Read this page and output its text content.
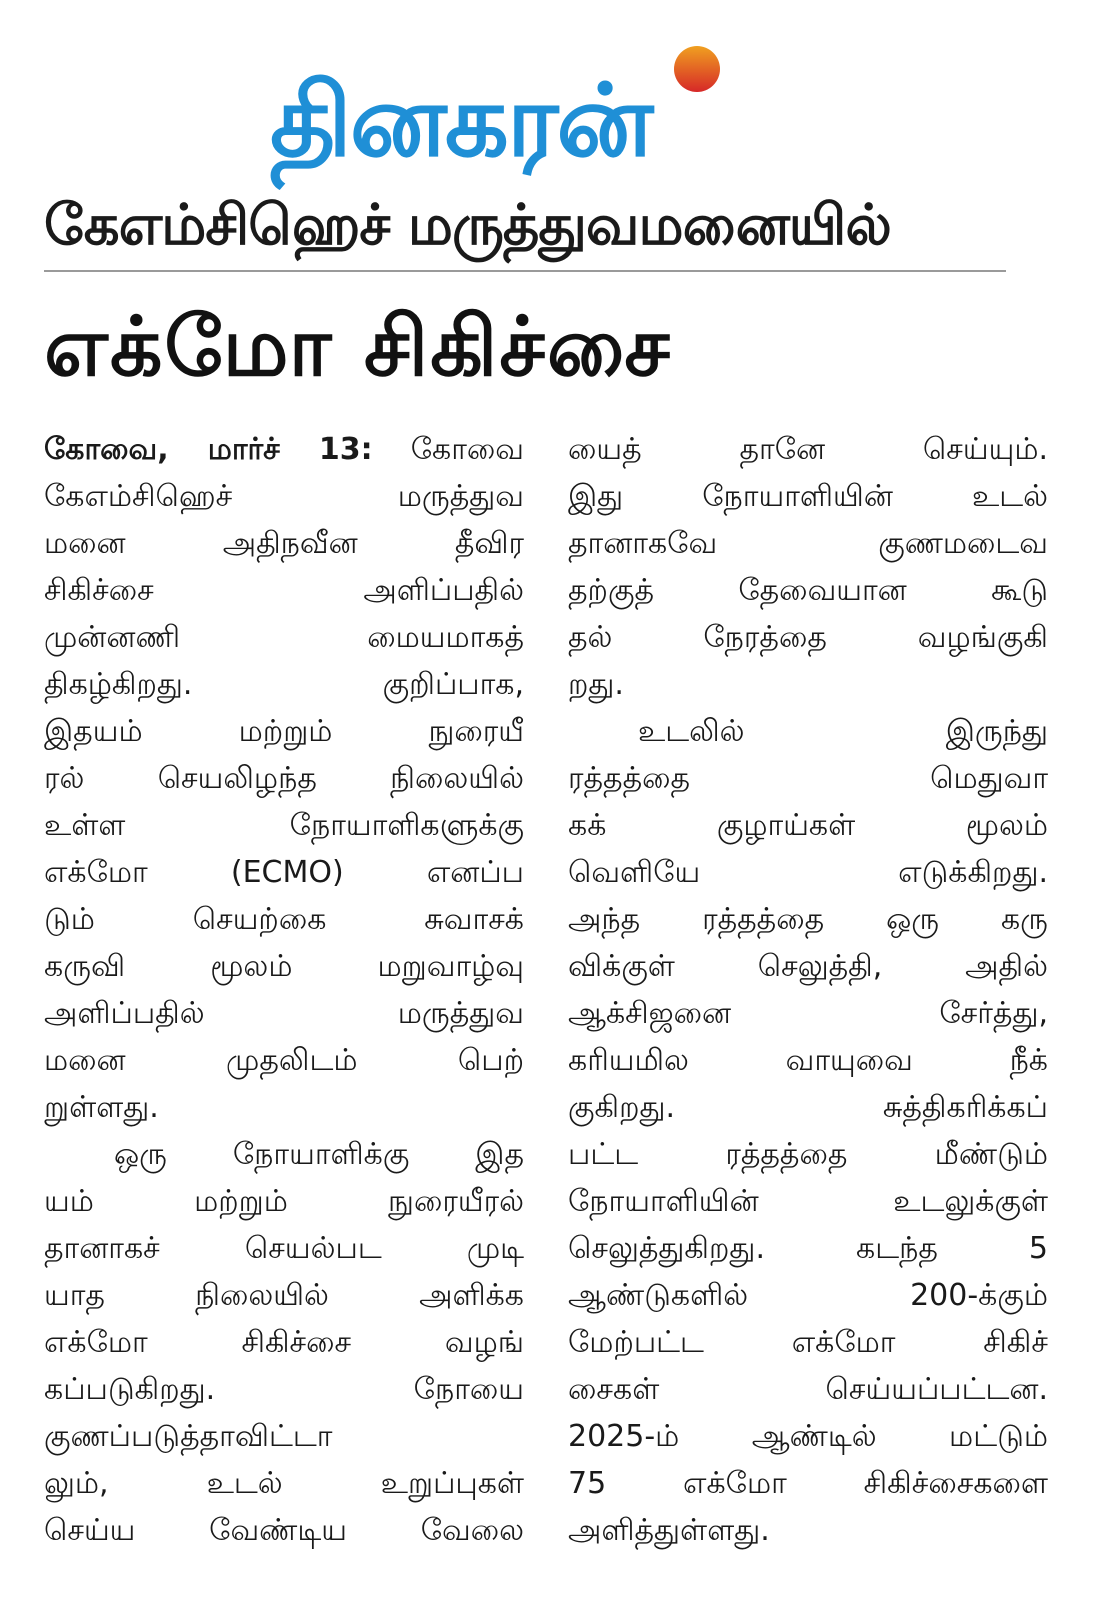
தினகரன்
கேஎம்சிஹெச் மருத்துவமனையில்
எக்மோ சிகிச்சை
கோவை, மார்ச் 13: கோவை
கேஎம்சிஹெச் மருத்துவ
மனை அதிநவீன தீவிர
சிகிச்சை அளிப்பதில்
முன்னணி மையமாகத்
திகழ்கிறது. குறிப்பாக,
இதயம் மற்றும் நுரையீ
ரல் செயலிழந்த நிலையில்
உள்ள நோயாளிகளுக்கு
எக்மோ (ECMO) எனப்ப
டும் செயற்கை சுவாசக்
கருவி மூலம் மறுவாழ்வு
அளிப்பதில் மருத்துவ
மனை முதலிடம் பெற்
றுள்ளது.
ஒரு நோயாளிக்கு இத
யம் மற்றும் நுரையீரல்
தானாகச் செயல்பட முடி
யாத நிலையில் அளிக்க
எக்மோ சிகிச்சை வழங்
கப்படுகிறது. நோயை
குணப்படுத்தாவிட்டா
லும், உடல் உறுப்புகள்
செய்ய வேண்டிய வேலை
யைத் தானே செய்யும்.
இது நோயாளியின் உடல்
தானாகவே குணமடைவ
தற்குத் தேவையான கூடு
தல் நேரத்தை வழங்குகி
றது.
உடலில் இருந்து
ரத்தத்தை மெதுவா
கக் குழாய்கள் மூலம்
வெளியே எடுக்கிறது.
அந்த ரத்தத்தை ஒரு கரு
விக்குள் செலுத்தி, அதில்
ஆக்சிஜனை சேர்த்து,
கரியமில வாயுவை நீக்
குகிறது. சுத்திகரிக்கப்
பட்ட ரத்தத்தை மீண்டும்
நோயாளியின் உடலுக்குள்
செலுத்துகிறது. கடந்த 5
ஆண்டுகளில் 200-க்கும்
மேற்பட்ட எக்மோ சிகிச்
சைகள் செய்யப்பட்டன.
2025-ம் ஆண்டில் மட்டும்
75 எக்மோ சிகிச்சைகளை
அளித்துள்ளது.
